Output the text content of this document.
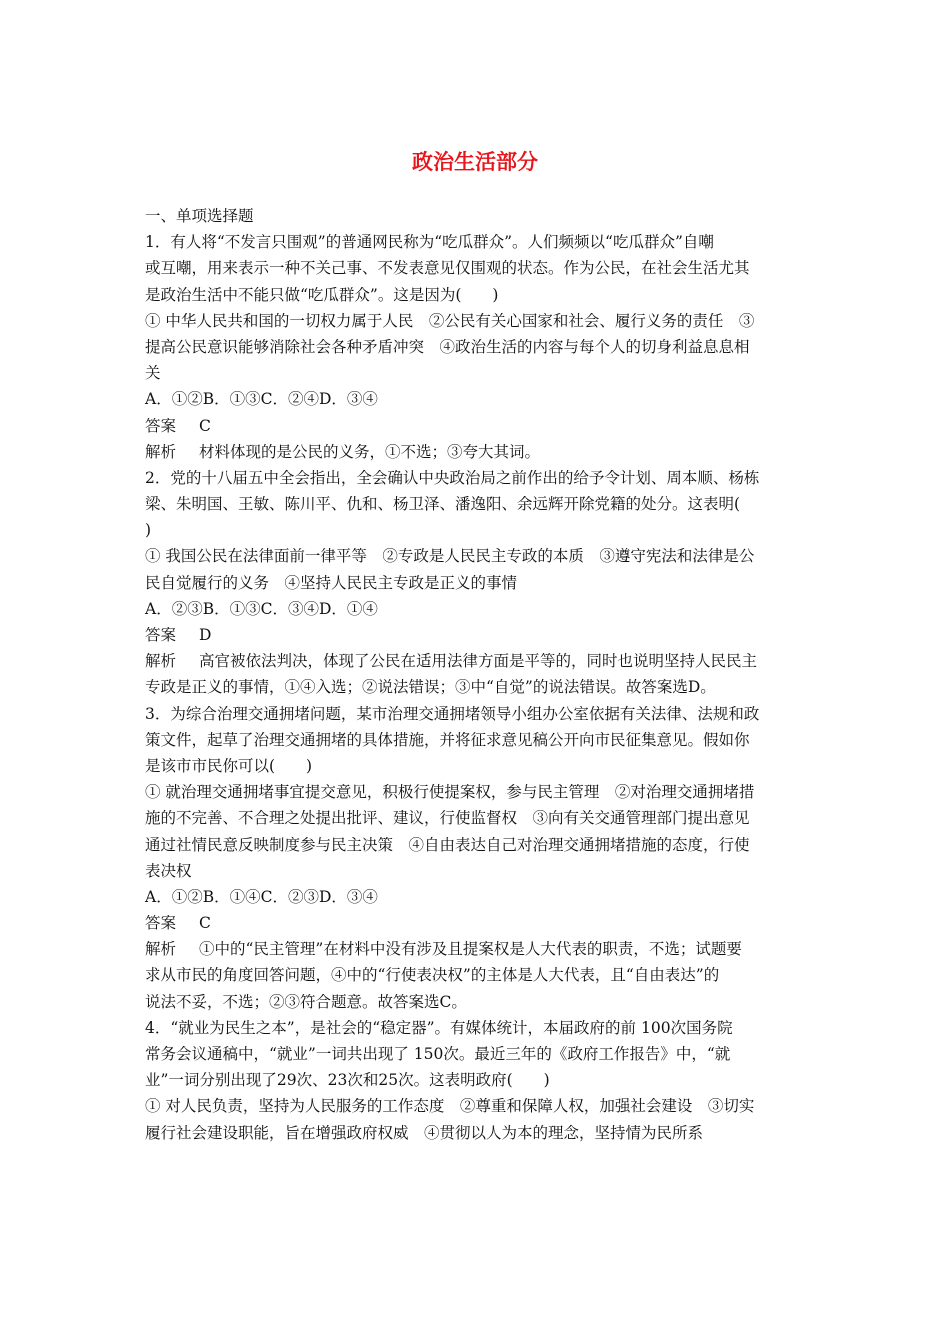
政治生活部分
一、单项选择题
1．有人将“不发言只围观”的普通网民称为“吃瓜群众”。人们频频以“吃瓜群众”自嘲
或互嘲，用来表示一种不关己事、不发表意见仅围观的状态。作为公民，在社会生活尤其
是政治生活中不能只做“吃瓜群众”。这是因为(　　)
① 中华人民共和国的一切权力属于人民　②公民有关心国家和社会、履行义务的责任　③
提高公民意识能够消除社会各种矛盾冲突　④政治生活的内容与每个人的切身利益息息相
关
A．①②B．①③C．②④D．③④
答案 C
解析 材料体现的是公民的义务，①不选；③夸大其词。
2．党的十八届五中全会指出，全会确认中央政治局之前作出的给予令计划、周本顺、杨栋
梁、朱明国、王敏、陈川平、仇和、杨卫泽、潘逸阳、余远辉开除党籍的处分。这表明(
)
① 我国公民在法律面前一律平等　②专政是人民民主专政的本质　③遵守宪法和法律是公
民自觉履行的义务　④坚持人民民主专政是正义的事情
A．②③B．①③C．③④D．①④
答案 D
解析 高官被依法判决，体现了公民在适用法律方面是平等的，同时也说明坚持人民民主
专政是正义的事情，①④入选；②说法错误；③中“自觉”的说法错误。故答案选D。
3．为综合治理交通拥堵问题，某市治理交通拥堵领导小组办公室依据有关法律、法规和政
策文件，起草了治理交通拥堵的具体措施，并将征求意见稿公开向市民征集意见。假如你
是该市市民你可以(　　)
① 就治理交通拥堵事宜提交意见，积极行使提案权，参与民主管理　②对治理交通拥堵措
施的不完善、不合理之处提出批评、建议，行使监督权　③向有关交通管理部门提出意见
通过社情民意反映制度参与民主决策　④自由表达自己对治理交通拥堵措施的态度，行使
表决权
A．①②B．①④C．②③D．③④
答案 C
解析 ①中的“民主管理”在材料中没有涉及且提案权是人大代表的职责，不选；试题要
求从市民的角度回答问题，④中的“行使表决权”的主体是人大代表，且“自由表达”的
说法不妥，不选；②③符合题意。故答案选C。
4．“就业为民生之本”，是社会的“稳定器”。有媒体统计，本届政府的前 100次国务院
常务会议通稿中，“就业”一词共出现了 150次。最近三年的《政府工作报告》中，“就
业”一词分别出现了29次、23次和25次。这表明政府(　　)
① 对人民负责，坚持为人民服务的工作态度　②尊重和保障人权，加强社会建设　③切实
履行社会建设职能，旨在增强政府权威　④贯彻以人为本的理念，坚持情为民所系
